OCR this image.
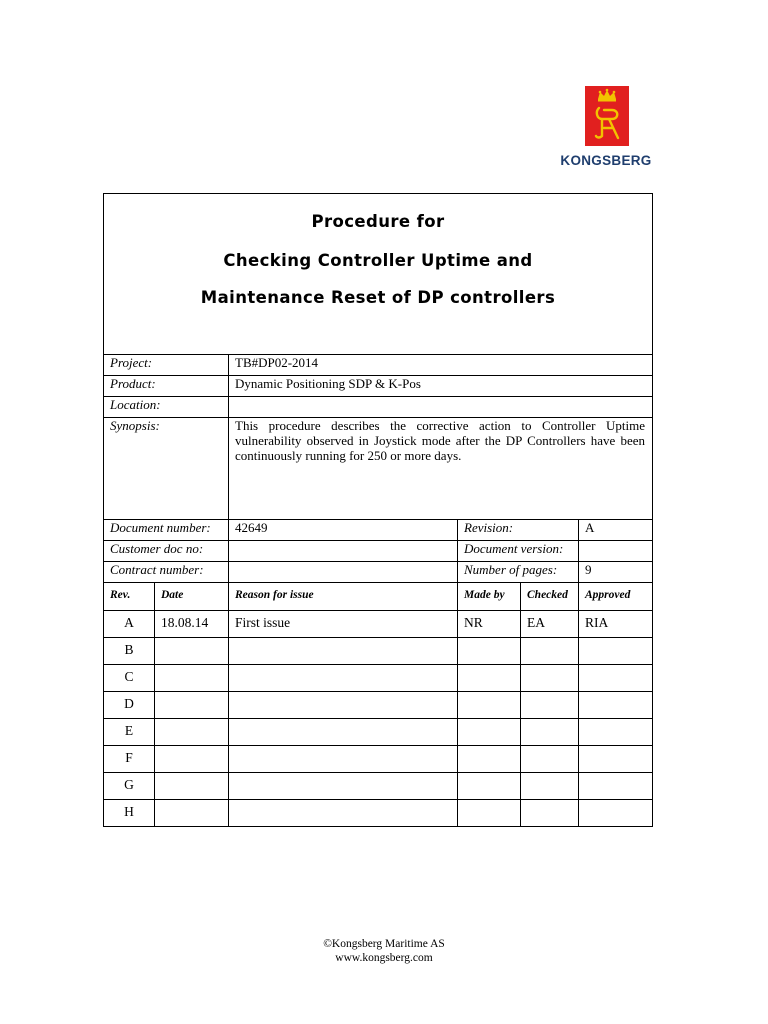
KONGSBERG
Procedure for
Checking Controller Uptime and
Maintenance Reset of DP controllers					

Project:		TB#DP02-2014			
Product:		Dynamic Positioning SDP & K-Pos			
Location:					
Synopsis:		This procedure describes the corrective action to Controller Uptime vulnerability observed in Joystick mode after the DP Controllers have been continuously running for 250 or more days.			
Document number:		42649	Revision:		A
Customer doc no:			Document version:		
Contract number:			Number of pages:		9
Rev.	Date	Reason for issue	Made by	Checked	Approved
A	18.08.14	First issue	NR	EA	RIA
B					
C					
D					
E					
F					
G					
H					
©Kongsberg Maritime AS
www.kongsberg.com
